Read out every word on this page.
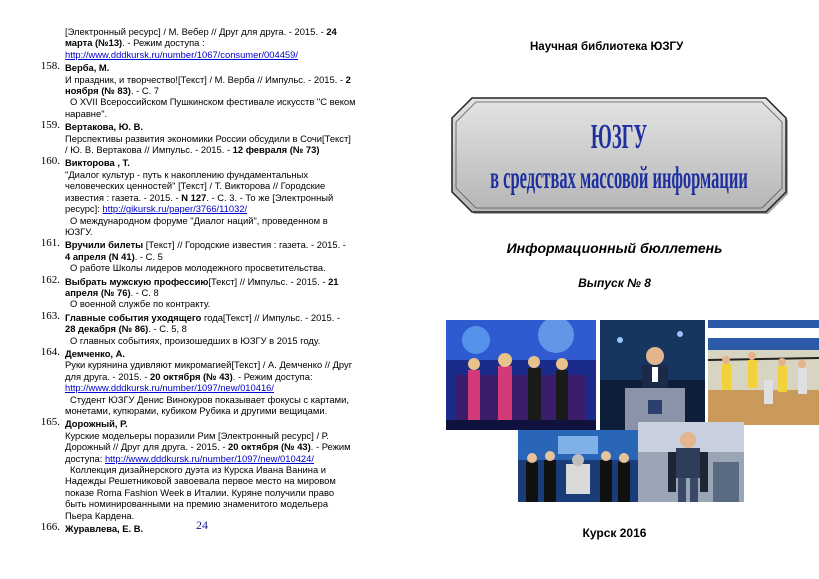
[Электронный ресурс] / М. Вебер // Друг для друга. - 2015. - 24
марта (№13). - Режим доступа :
http://www.dddkursk.ru/number/1067/consumer/004459/
158. Верба, М.
И праздник, и творчество![Текст] / М. Верба // Импульс. - 2015. - 2
ноября (№ 83). - С. 7
О XVII Всероссийском Пушкинском фестивале искусств "С веком
наравне".
159. Вертакова, Ю. В.
Перспективы развития экономики России обсудили в Сочи[Текст]
/ Ю. В. Вертакова // Импульс. - 2015. - 12 февраля (№ 73)
160. Викторова , Т.
"Диалог культур - путь к накоплению фундаментальных
человеческих ценностей" [Текст] / Т. Викторова // Городские
известия : газета. - 2015. - N 127. - С. 3. - То же [Электронный
ресурс]: http://gikursk.ru/paper/3766/11032/
О международном форуме "Диалог наций", проведенном в
ЮЗГУ.
161. Вручили билеты [Текст] // Городские известия : газета. - 2015. -
4 апреля (N 41). - С. 5
О работе Школы лидеров молодежного просветительства.
162. Выбрать мужскую профессию[Текст] // Импульс. - 2015. - 21
апреля (№ 76). - С. 8
О военной службе по контракту.
163. Главные события уходящего года[Текст] // Импульс. - 2015. -
28 декабря (№ 86). - С. 5, 8
О главных событиях, произошедших в ЮЗГУ в 2015 году.
164. Демченко, А.
Руки курянина удивляют микромагией[Текст] / А. Демченко // Друг
для друга. - 2015. - 20 октября (№ 43). - Режим доступа:
http://www.dddkursk.ru/number/1097/new/010416/
Студент ЮЗГУ Денис Винокуров показывает фокусы с картами,
монетами, купюрами, кубиком Рубика и другими вещицами.
165. Дорожный, Р.
Курские модельеры поразили Рим [Электронный ресурс] / Р.
Дорожный // Друг для друга. - 2015. - 20 октября (№ 43). - Режим
доступа: http://www.dddkursk.ru/number/1097/new/010424/
Коллекция дизайнерского дуэта из Курска Ивана Ванина и
Надежды Решетниковой завоевала первое место на мировом
показе Roma Fashion Week в Италии. Куряне получили право
быть номинированными на премию знаменитого модельера
Пьера Кардена.
166. Журавлева, Е. В.	24
Научная библиотека ЮЗГУ
ЮЗГУ
в средствах массовой информации
Информационный бюллетень
Выпуск № 8
Курск 2016
